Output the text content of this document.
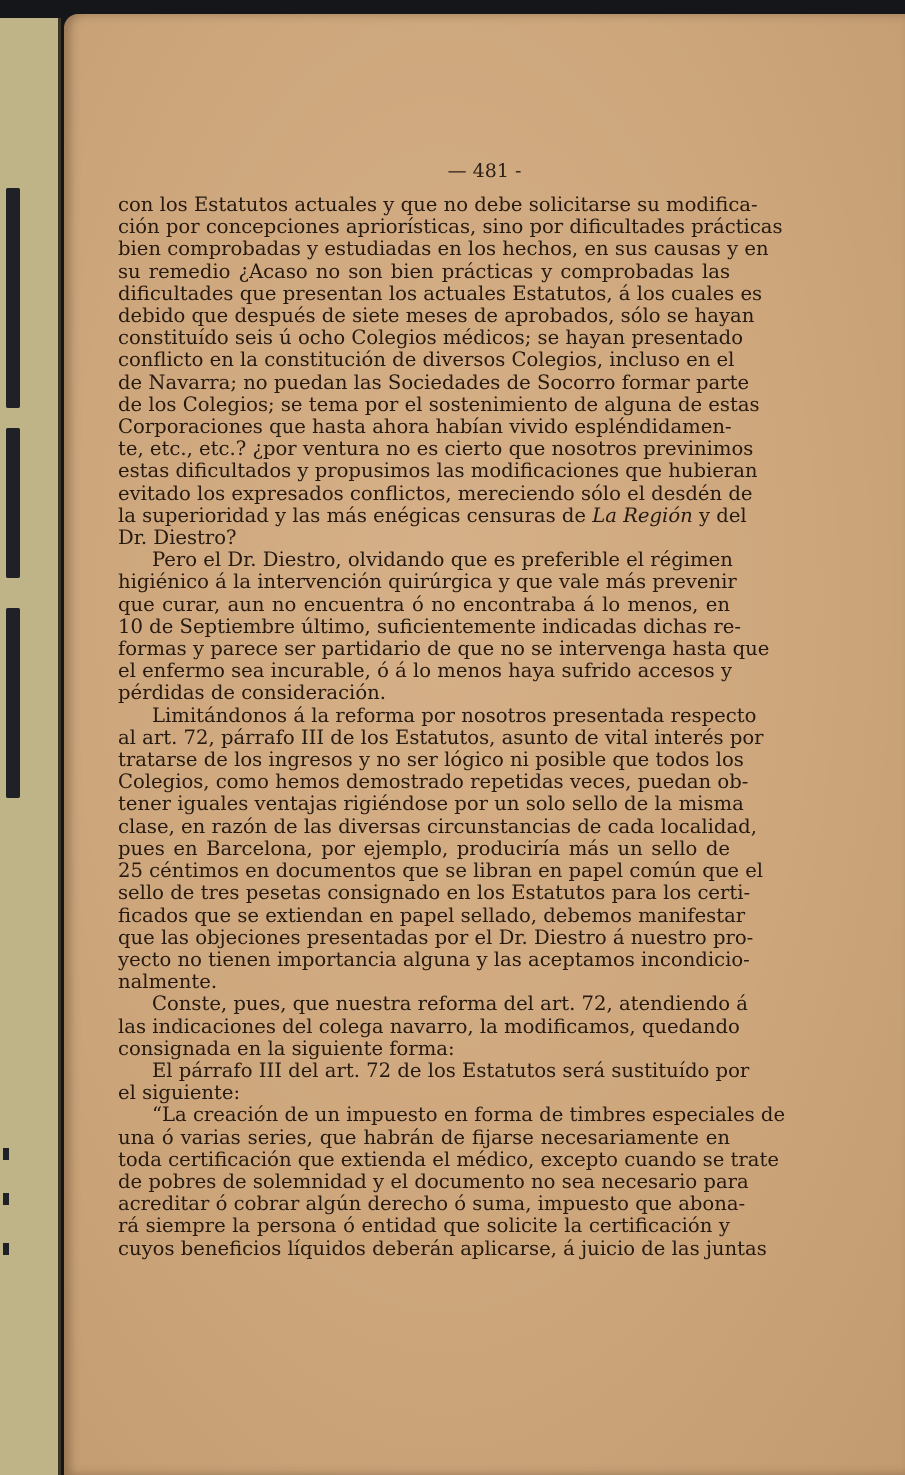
— 481 -
con los Estatutos actuales y que no debe solicitarse su modifica-
ción por concepciones apriorísticas, sino por dificultades prácticas
bien comprobadas y estudiadas en los hechos, en sus causas y en
su remedio ¿Acaso no son bien prácticas y comprobadas las
dificultades que presentan los actuales Estatutos, á los cuales es
debido que después de siete meses de aprobados, sólo se hayan
constituído seis ú ocho Colegios médicos; se hayan presentado
conflicto en la constitución de diversos Colegios, incluso en el
de Navarra; no puedan las Sociedades de Socorro formar parte
de los Colegios; se tema por el sostenimiento de alguna de estas
Corporaciones que hasta ahora habían vivido espléndidamen-
te, etc., etc.? ¿por ventura no es cierto que nosotros previnimos
estas dificultados y propusimos las modificaciones que hubieran
evitado los expresados conflictos, mereciendo sólo el desdén de
la superioridad y las más enégicas censuras de La Región y del
Dr. Diestro?
Pero el Dr. Diestro, olvidando que es preferible el régimen
higiénico á la intervención quirúrgica y que vale más prevenir
que curar, aun no encuentra ó no encontraba á lo menos, en
10 de Septiembre último, suficientemente indicadas dichas re-
formas y parece ser partidario de que no se intervenga hasta que
el enfermo sea incurable, ó á lo menos haya sufrido accesos y
pérdidas de consideración.
Limitándonos á la reforma por nosotros presentada respecto
al art. 72, párrafo III de los Estatutos, asunto de vital interés por
tratarse de los ingresos y no ser lógico ni posible que todos los
Colegios, como hemos demostrado repetidas veces, puedan ob-
tener iguales ventajas rigiéndose por un solo sello de la misma
clase, en razón de las diversas circunstancias de cada localidad,
pues en Barcelona, por ejemplo, produciría más un sello de
25 céntimos en documentos que se libran en papel común que el
sello de tres pesetas consignado en los Estatutos para los certi-
ficados que se extiendan en papel sellado, debemos manifestar
que las objeciones presentadas por el Dr. Diestro á nuestro pro-
yecto no tienen importancia alguna y las aceptamos incondicio-
nalmente.
Conste, pues, que nuestra reforma del art. 72, atendiendo á
las indicaciones del colega navarro, la modificamos, quedando
consignada en la siguiente forma:
El párrafo III del art. 72 de los Estatutos será sustituído por
el siguiente:
“La creación de un impuesto en forma de timbres especiales de
una ó varias series, que habrán de fijarse necesariamente en
toda certificación que extienda el médico, excepto cuando se trate
de pobres de solemnidad y el documento no sea necesario para
acreditar ó cobrar algún derecho ó suma, impuesto que abona-
rá siempre la persona ó entidad que solicite la certificación y
cuyos beneficios líquidos deberán aplicarse, á juicio de las juntas
